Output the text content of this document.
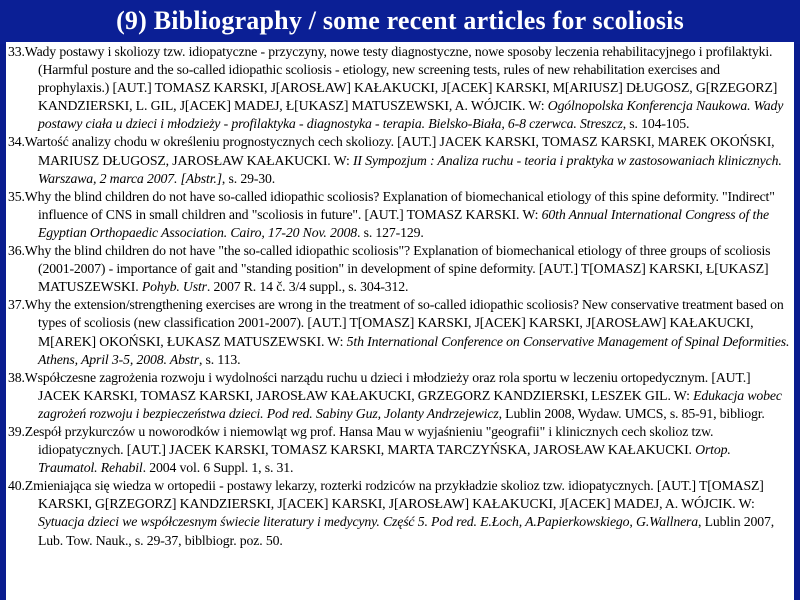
(9) Bibliography / some recent articles for scoliosis

33.Wady postawy i skoliozy tzw. idiopatyczne - przyczyny, nowe testy diagnostyczne, nowe sposoby leczenia rehabilitacyjnego i profilaktyki. (Harmful posture and the so-called idiopathic scoliosis - etiology, new screening tests, rules of new rehabilitation exercises and prophylaxis.) [AUT.] TOMASZ KARSKI, J[AROSŁAW] KAŁAKUCKI, J[ACEK] KARSKI, M[ARIUSZ] DŁUGOSZ, G[RZEGORZ] KANDZIERSKI, L. GIL, J[ACEK] MADEJ, Ł[UKASZ] MATUSZEWSKI, A. WÓJCIK. W: Ogólnopolska Konferencja Naukowa. Wady postawy ciała u dzieci i młodzieży - profilaktyka - diagnostyka - terapia. Bielsko-Biała, 6-8 czerwca. Streszcz, s. 104-105.

34.Wartość analizy chodu w określeniu prognostycznych cech skoliozy. [AUT.] JACEK KARSKI, TOMASZ KARSKI, MAREK OKOŃSKI, MARIUSZ DŁUGOSZ, JAROSŁAW KAŁAKUCKI. W: II Sympozjum : Analiza ruchu - teoria i praktyka w zastosowaniach klinicznych. Warszawa, 2 marca 2007. [Abstr.], s. 29-30.

35.Why the blind children do not have so-called idiopathic scoliosis? Explanation of biomechanical etiology of this spine deformity. "Indirect" influence of CNS in small children and "scoliosis in future". [AUT.] TOMASZ KARSKI. W: 60th Annual International Congress of the Egyptian Orthopaedic Association. Cairo, 17-20 Nov. 2008. s. 127-129.

36.Why the blind children do not have "the so-called idiopathic scoliosis"? Explanation of biomechanical etiology of three groups of scoliosis (2001-2007) - importance of gait and "standing position" in development of spine deformity. [AUT.] T[OMASZ] KARSKI, Ł[UKASZ] MATUSZEWSKI. Pohyb. Ustr. 2007 R. 14 č. 3/4 suppl., s. 304-312.

37.Why the extension/strengthening exercises are wrong in the treatment of so-called idiopathic scoliosis? New conservative treatment based on types of scoliosis (new classification 2001-2007). [AUT.] T[OMASZ] KARSKI, J[ACEK] KARSKI, J[AROSŁAW] KAŁAKUCKI, M[AREK] OKOŃSKI, ŁUKASZ MATUSZEWSKI. W: 5th International Conference on Conservative Management of Spinal Deformities. Athens, April 3-5, 2008. Abstr, s. 113.

38.Współczesne zagrożenia rozwoju i wydolności narządu ruchu u dzieci i młodzieży oraz rola sportu w leczeniu ortopedycznym. [AUT.] JACEK KARSKI, TOMASZ KARSKI, JAROSŁAW KAŁAKUCKI, GRZEGORZ KANDZIERSKI, LESZEK GIL. W: Edukacja wobec zagrożeń rozwoju i bezpieczeństwa dzieci. Pod red. Sabiny Guz, Jolanty Andrzejewicz, Lublin 2008, Wydaw. UMCS, s. 85-91, bibliogr.

39.Zespół przykurczów u noworodków i niemowląt wg prof. Hansa Mau w wyjaśnieniu "geografii" i klinicznych cech skolioz tzw. idiopatycznych. [AUT.] JACEK KARSKI, TOMASZ KARSKI, MARTA TARCZYŃSKA, JAROSŁAW KAŁAKUCKI. Ortop. Traumatol. Rehabil. 2004 vol. 6 Suppl. 1, s. 31.

40.Zmieniająca się wiedza w ortopedii - postawy lekarzy, rozterki rodziców na przykładzie skolioz tzw. idiopatycznych. [AUT.] T[OMASZ] KARSKI, G[RZEGORZ] KANDZIERSKI, J[ACEK] KARSKI, J[AROSŁAW] KAŁAKUCKI, J[ACEK] MADEJ, A. WÓJCIK. W: Sytuacja dzieci we współczesnym świecie literatury i medycyny. Część 5. Pod red. E.Łoch, A.Papierkowskiego, G.Wallnera, Lublin 2007, Lub. Tow. Nauk., s. 29-37, biblbiogr. poz. 50.
